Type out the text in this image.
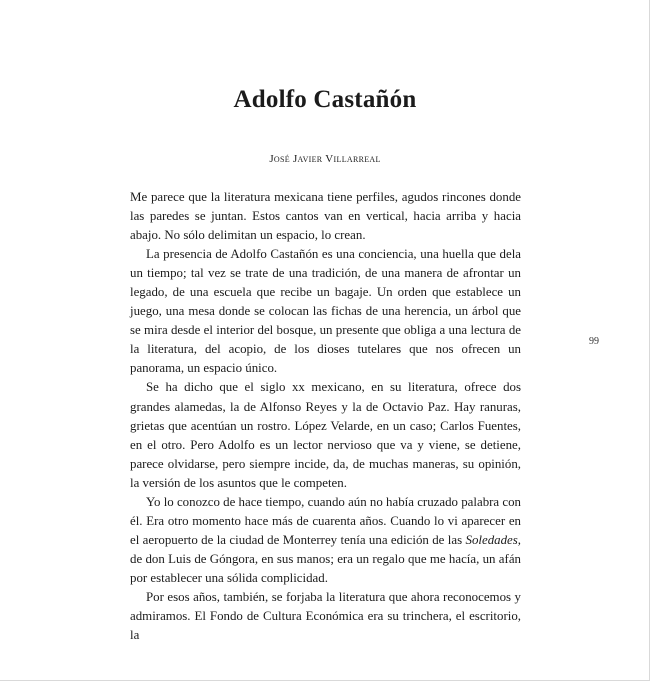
Adolfo Castañón
José Javier Villarreal

Me parece que la literatura mexicana tiene perfiles, agudos rincones donde las paredes se juntan. Estos cantos van en vertical, hacia arriba y hacia abajo. No sólo delimitan un espacio, lo crean.

La presencia de Adolfo Castañón es una conciencia, una huella que dela un tiempo; tal vez se trate de una tradición, de una manera de afrontar un legado, de una escuela que recibe un bagaje. Un orden que establece un juego, una mesa donde se colocan las fichas de una herencia, un árbol que se mira desde el interior del bosque, un presente que obliga a una lectura de la literatura, del acopio, de los dioses tutelares que nos ofrecen un panorama, un espacio único.

Se ha dicho que el siglo xx mexicano, en su literatura, ofrece dos grandes alamedas, la de Alfonso Reyes y la de Octavio Paz. Hay ranuras, grietas que acentúan un rostro. López Velarde, en un caso; Carlos Fuentes, en el otro. Pero Adolfo es un lector nervioso que va y viene, se detiene, parece olvidarse, pero siempre incide, da, de muchas maneras, su opinión, la versión de los asuntos que le competen.

Yo lo conozco de hace tiempo, cuando aún no había cruzado palabra con él. Era otro momento hace más de cuarenta años. Cuando lo vi aparecer en el aeropuerto de la ciudad de Monterrey tenía una edición de las Soledades, de don Luis de Góngora, en sus manos; era un regalo que me hacía, un afán por establecer una sólida complicidad.

Por esos años, también, se forjaba la literatura que ahora reconocemos y admiramos. El Fondo de Cultura Económica era su trinchera, el escritorio, la

99
